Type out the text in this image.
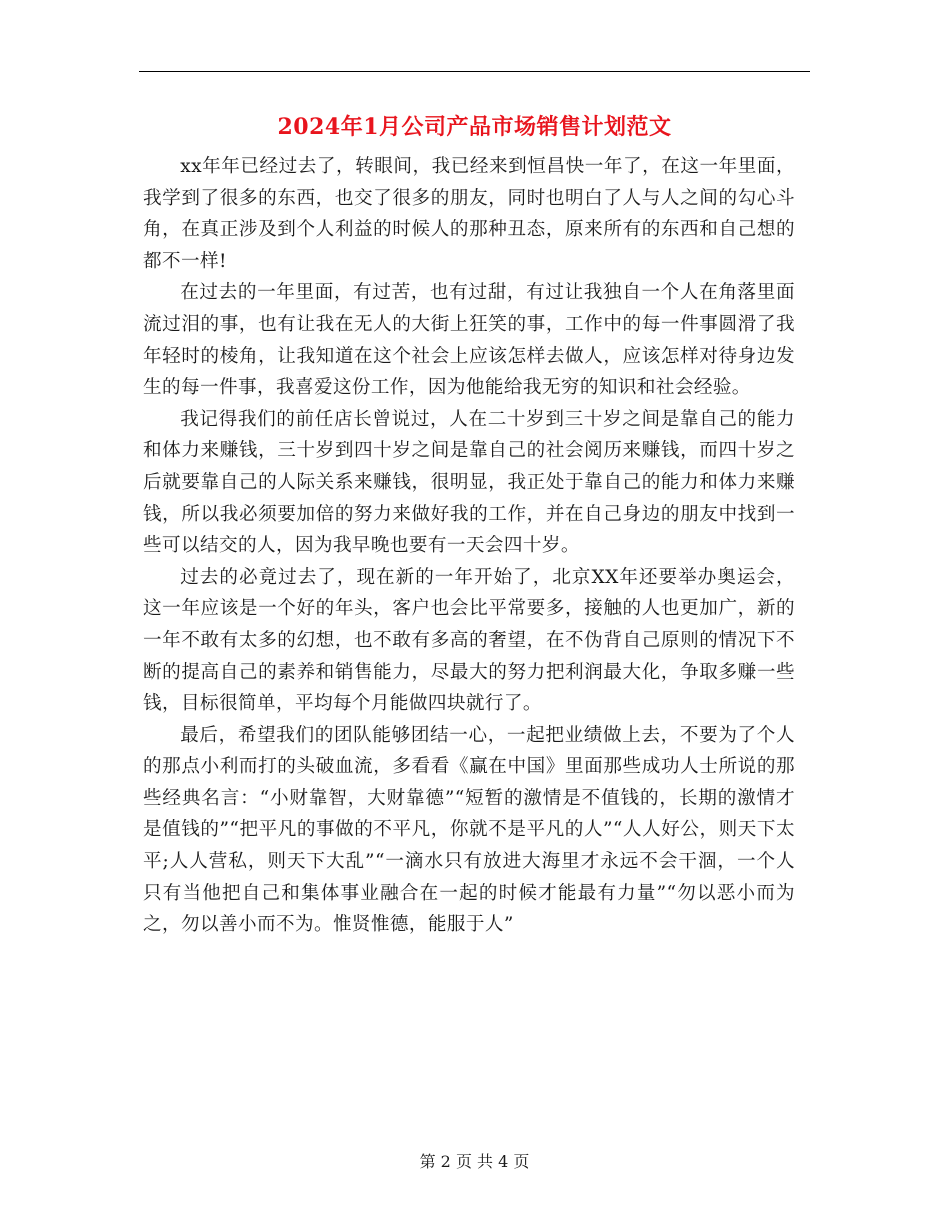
2024年1月公司产品市场销售计划范文

xx年年已经过去了，转眼间，我已经来到恒昌快一年了，在这一年里面，我学到了很多的东西，也交了很多的朋友，同时也明白了人与人之间的勾心斗角，在真正涉及到个人利益的时候人的那种丑态，原来所有的东西和自己想的都不一样!

在过去的一年里面，有过苦，也有过甜，有过让我独自一个人在角落里面流过泪的事，也有让我在无人的大街上狂笑的事，工作中的每一件事圆滑了我年轻时的棱角，让我知道在这个社会上应该怎样去做人，应该怎样对待身边发生的每一件事，我喜爱这份工作，因为他能给我无穷的知识和社会经验。

我记得我们的前任店长曾说过，人在二十岁到三十岁之间是靠自己的能力和体力来赚钱，三十岁到四十岁之间是靠自己的社会阅历来赚钱，而四十岁之后就要靠自己的人际关系来赚钱，很明显，我正处于靠自己的能力和体力来赚钱，所以我必须要加倍的努力来做好我的工作，并在自己身边的朋友中找到一些可以结交的人，因为我早晚也要有一天会四十岁。

过去的必竟过去了，现在新的一年开始了，北京XX年还要举办奥运会，这一年应该是一个好的年头，客户也会比平常要多，接触的人也更加广，新的一年不敢有太多的幻想，也不敢有多高的奢望，在不伪背自己原则的情况下不断的提高自己的素养和销售能力，尽最大的努力把利润最大化，争取多赚一些钱，目标很简单，平均每个月能做四块就行了。

最后，希望我们的团队能够团结一心，一起把业绩做上去，不要为了个人的那点小利而打的头破血流，多看看《赢在中国》里面那些成功人士所说的那些经典名言：“小财靠智，大财靠德”“短暂的激情是不值钱的，长期的激情才是值钱的”“把平凡的事做的不平凡，你就不是平凡的人”“人人好公，则天下太平;人人营私，则天下大乱”“一滴水只有放进大海里才永远不会干涸，一个人只有当他把自己和集体事业融合在一起的时候才能最有力量”“勿以恶小而为之，勿以善小而不为。惟贤惟德，能服于人”

第 2 页 共 4 页
